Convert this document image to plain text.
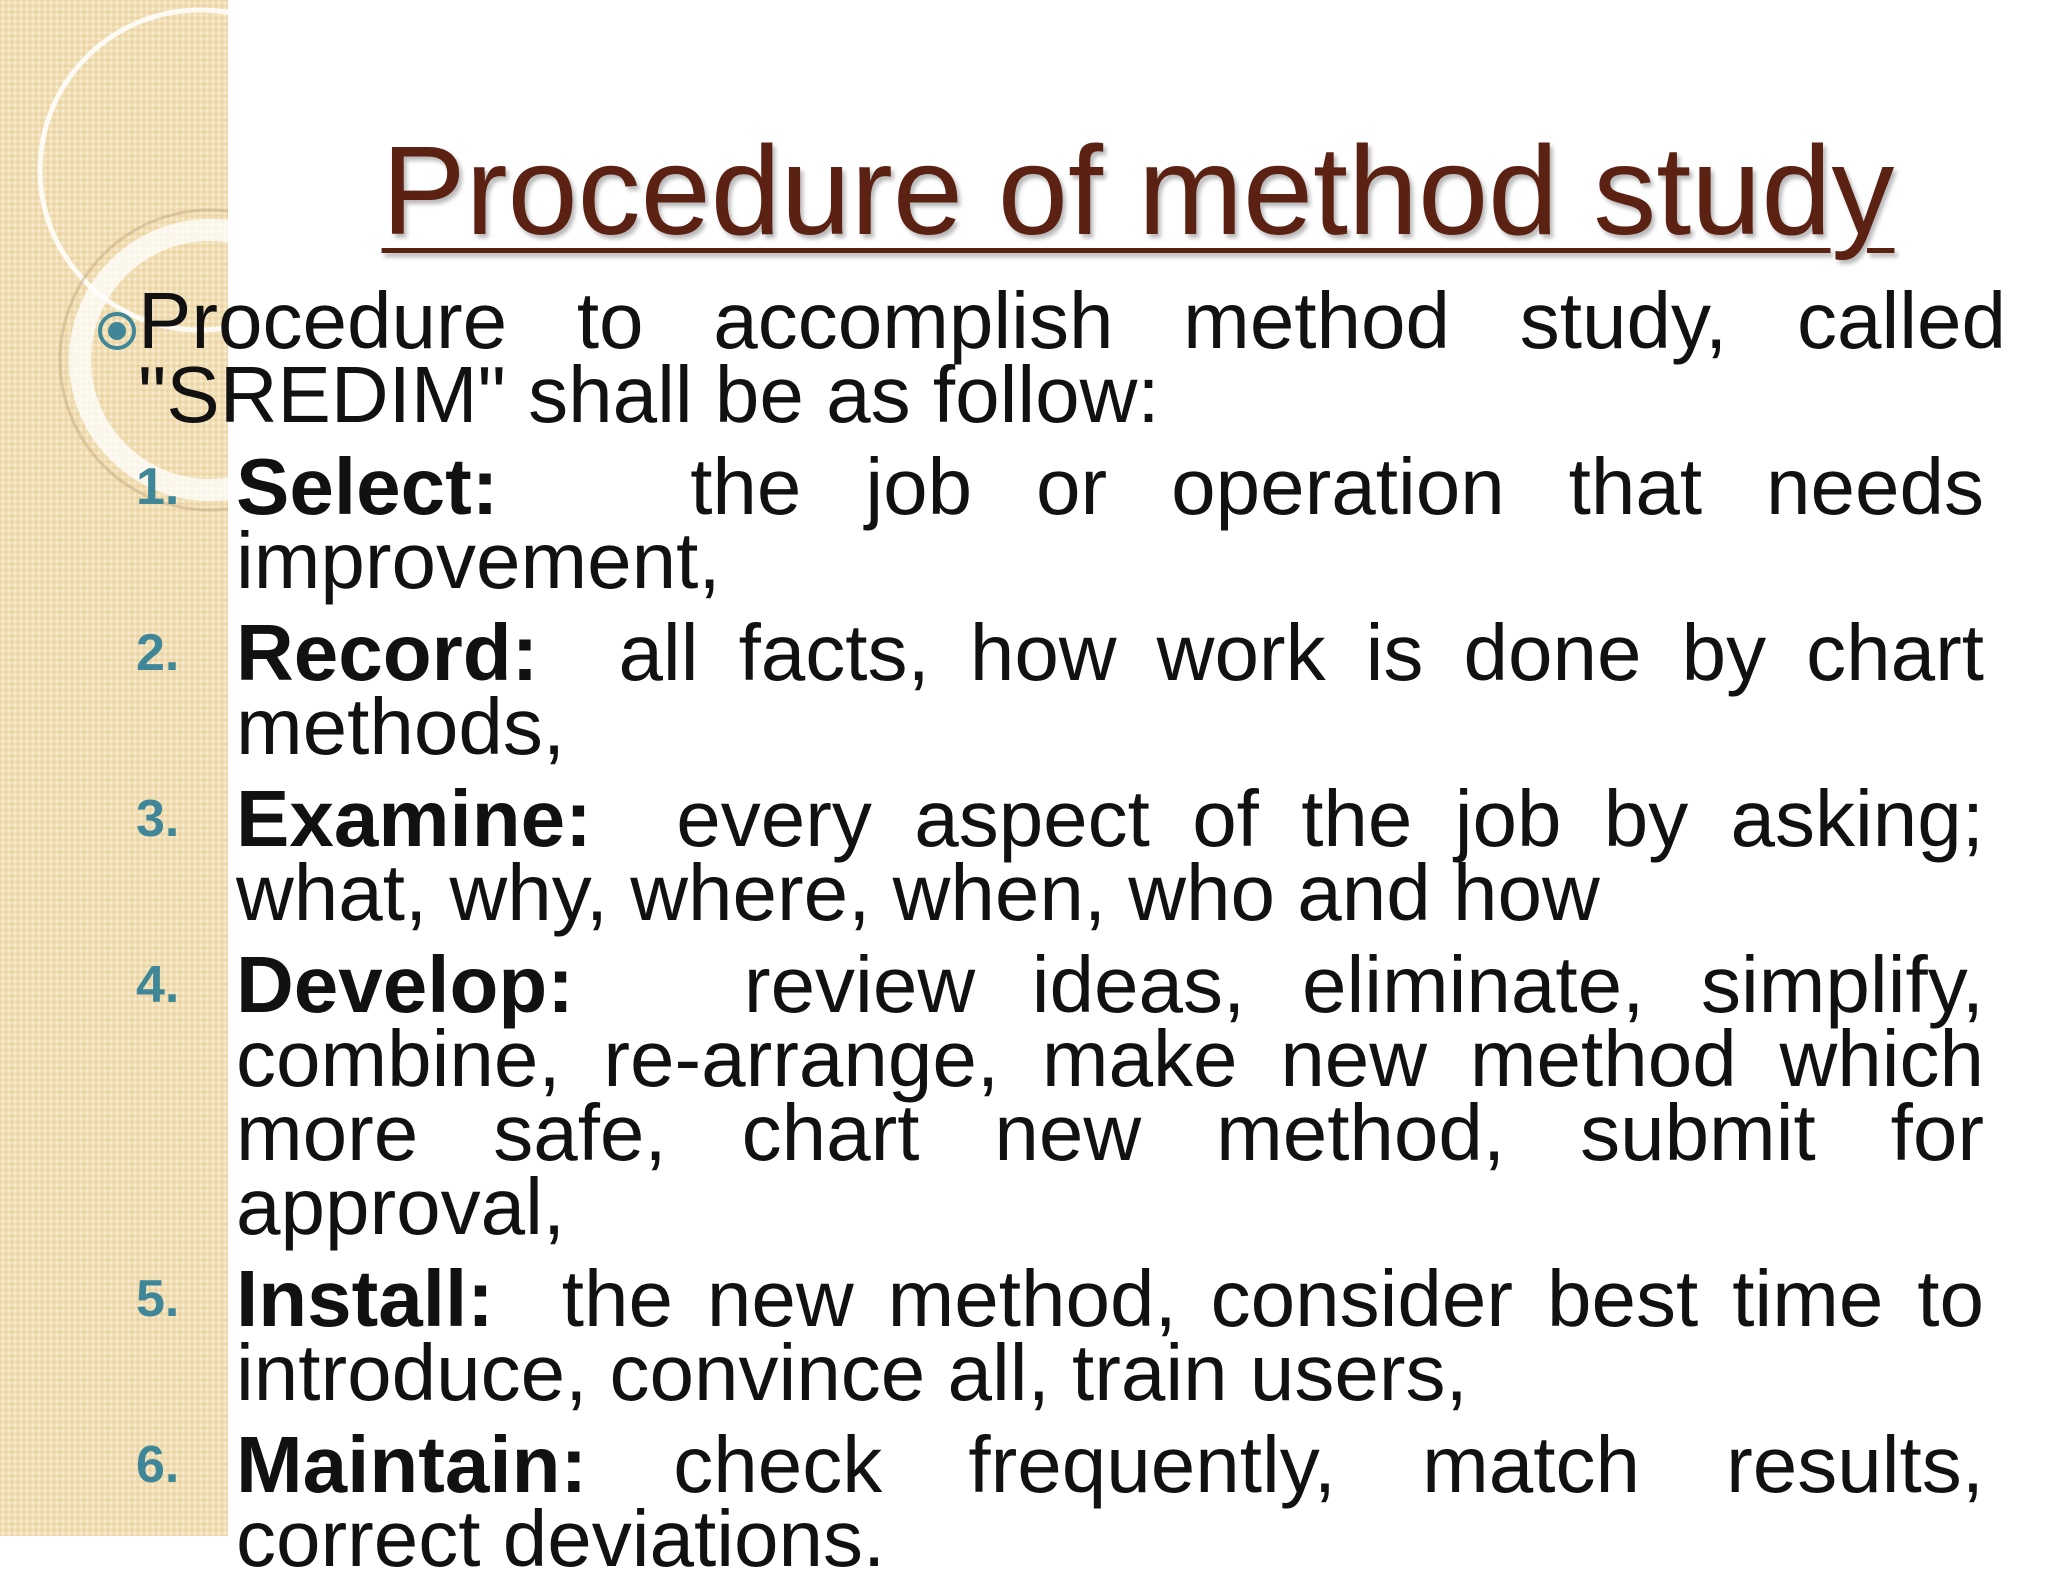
Procedure of method study

Procedure to accomplish method study, called "SREDIM" shall be as follow:

1. Select: the job or operation that needs improvement,

2. Record: all facts, how work is done by chart methods,

3. Examine: every aspect of the job by asking; what, why, where, when, who and how

4. Develop: review ideas, eliminate, simplify, combine, re-arrange, make new method which more safe, chart new method, submit for approval,

5. Install: the new method, consider best time to introduce, convince all, train users,

6. Maintain: check frequently, match results, correct deviations.
